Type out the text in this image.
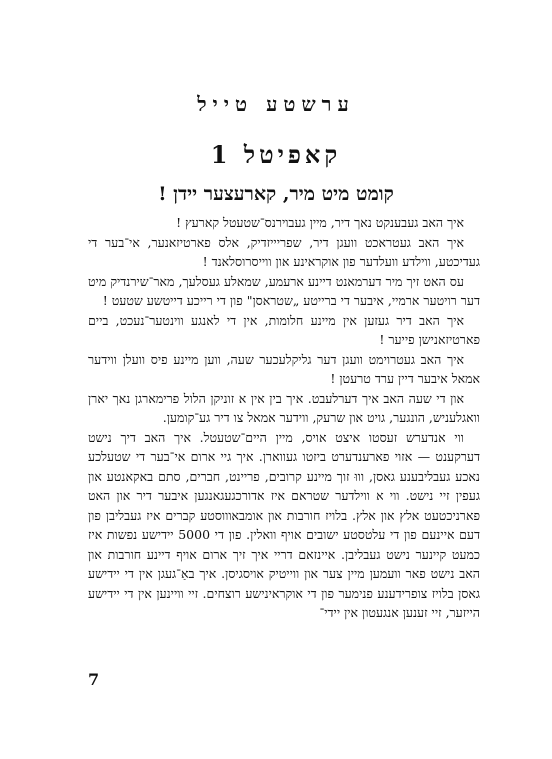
ערשטע טייל
קאפיטל 1
קומט מיט מיר, קארעצער יידן !

איך האב געבענקט נאך דיר, מיין געבוירנס־שטעטל קארעץ !

איך האב געטראכט וועגן דיר, שפריייזדיק, אלס פארטיזאנער, אי־בער די געדיכטע, ווילדע וועלדער פון אוקראינע און ווייסרוסלאנד !

עס האט זיך מיר דערמאנט דיינע ארעמע, שמאלע געסלעך, מאר־שירנדיק מיט דער רויטער ארמיי, איבער די ברייטע „שטראסן" פון די רייכע דייטשע שטעט !

איך האב דיר געזען אין מיינע חלומות, אין די לאנגע ווינטער־נעכט, ביים פארטיזאנישן פייער !

איך האב געטרוימט וועגן דער גליקלעכער שעה, ווען מיינע פיס וועלן ווידער אמאל איבער דיין ערד טרעטן !

און די שעה האב איך דערלעבט. איך בין אין א זוניקן הלול פרימארגן נאך יארן וואגלעניש, הונגער, גויט און שרעק, ווידער אמאל צו דיר גע־קומען.

ווי אנדערש זעסטו איצט אויס, מיין היים־שטעטל. איך האב דיך נישט דערקענט — אזוי פארענדערט ביזטו געווארן. איך גיי ארום אי־בער די שטעלכע נאכע געבליבענע גאסן, וווּ זוך מיינע קרובים, פריינט, חברים, סתם באקאנטע און געפין זיי נישט. ווי א ווילדער שטראם איז אדורכגעגאנגען איבער דיר און האט פארניכטעט אלץ און אלץ. בלויז חורבות און אומבאוווסטע קברים איז געבליבן פון דעם איינעם פון די עלטסטע ישובים אויף וואלין. פון די 5000 יידישע נפשות איז כמעט קיינער נישט געבליבן. איינזאם דריי איך זיך ארום אויף דיינע חורבות און האב נישט פאר וועמען מיין צער און ווייטיק אויסגיסן. איך באַ־געגן אין די יידישע גאסן בלויז צופרידענע פנימער פון די אוקראינישע רוצחים. זיי וויינען אין די יידישע הייזער, זיי זענען אנגעטון אין יידי־

7
